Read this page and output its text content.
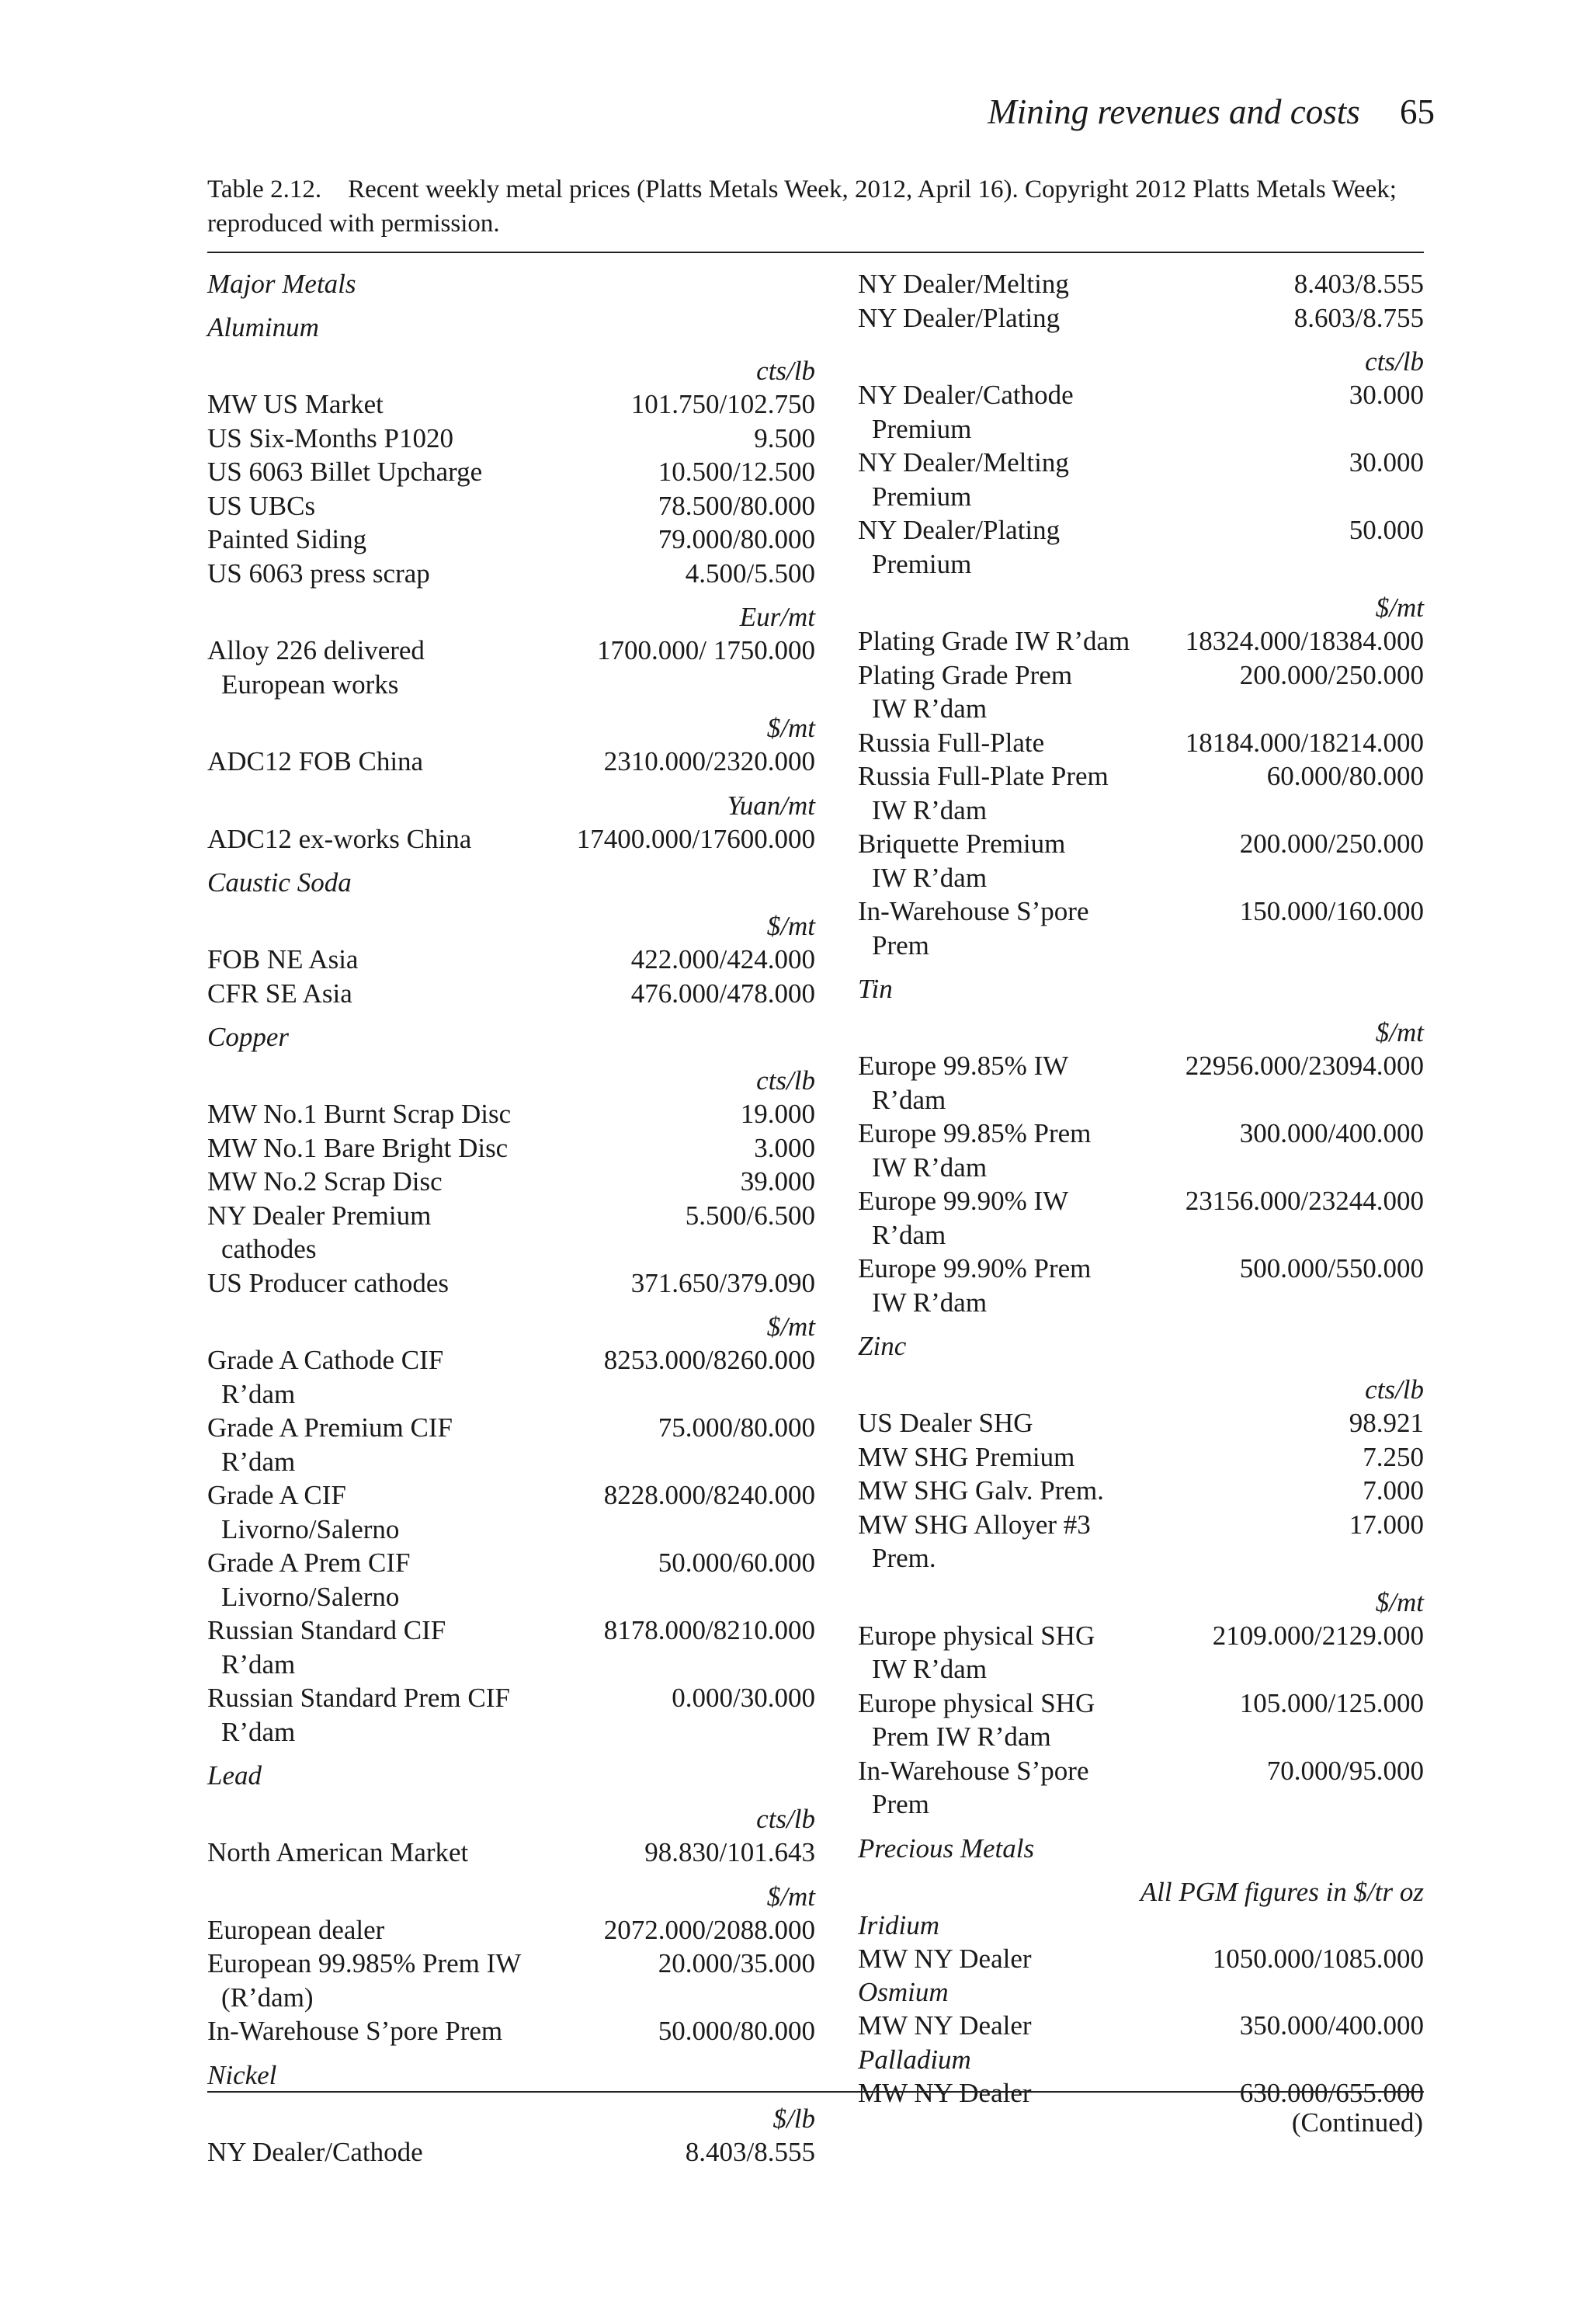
Mining revenues and costs 65
Table 2.12. Recent weekly metal prices (Platts Metals Week, 2012, April 16). Copyright 2012 Platts Metals Week; reproduced with permission.
Major Metals
Aluminum
cts/lb
MW US Market	101.750/102.750
US Six-Months P1020	9.500
US 6063 Billet Upcharge	10.500/12.500
US UBCs	78.500/80.000
Painted Siding	79.000/80.000
US 6063 press scrap	4.500/5.500
Eur/mt
Alloy 226 delivered
European works
1700.000/ 1750.000
$/mt
ADC12 FOB China	2310.000/2320.000
Yuan/mt
ADC12 ex-works China	17400.000/17600.000
Caustic Soda
$/mt
FOB NE Asia	422.000/424.000
CFR SE Asia	476.000/478.000
Copper
cts/lb
MW No.1 Burnt Scrap Disc	19.000
MW No.1 Bare Bright Disc	3.000
MW No.2 Scrap Disc	39.000
NY Dealer Premium
cathodes
5.500/6.500
US Producer cathodes	371.650/379.090
$/mt
Grade A Cathode CIF
R’dam
8253.000/8260.000
Grade A Premium CIF
R’dam
75.000/80.000
Grade A CIF
Livorno/Salerno
8228.000/8240.000
Grade A Prem CIF
Livorno/Salerno
50.000/60.000
Russian Standard CIF
R’dam
8178.000/8210.000
Russian Standard Prem CIF
R’dam
0.000/30.000
Lead
cts/lb
North American Market	98.830/101.643
$/mt
European dealer	2072.000/2088.000
European 99.985% Prem IW
(R’dam)
20.000/35.000
In-Warehouse S’pore Prem	50.000/80.000
Nickel
$/lb
NY Dealer/Cathode	8.403/8.555
NY Dealer/Melting	8.403/8.555
NY Dealer/Plating	8.603/8.755
cts/lb
NY Dealer/Cathode
Premium
30.000
NY Dealer/Melting
Premium
30.000
NY Dealer/Plating
Premium
50.000
$/mt
Plating Grade IW R’dam	18324.000/18384.000
Plating Grade Prem
IW R’dam
200.000/250.000
Russia Full-Plate	18184.000/18214.000
Russia Full-Plate Prem
IW R’dam
60.000/80.000
Briquette Premium
IW R’dam
200.000/250.000
In-Warehouse S’pore
Prem
150.000/160.000
Tin
$/mt
Europe 99.85% IW
R’dam
22956.000/23094.000
Europe 99.85% Prem
IW R’dam
300.000/400.000
Europe 99.90% IW
R’dam
23156.000/23244.000
Europe 99.90% Prem
IW R’dam
500.000/550.000
Zinc
cts/lb
US Dealer SHG	98.921
MW SHG Premium	7.250
MW SHG Galv. Prem.	7.000
MW SHG Alloyer #3
Prem.
17.000
$/mt
Europe physical SHG
IW R’dam
2109.000/2129.000
Europe physical SHG
Prem IW R’dam
105.000/125.000
In-Warehouse S’pore
Prem
70.000/95.000
Precious Metals
All PGM figures in $/tr oz
Iridium
MW NY Dealer	1050.000/1085.000
Osmium
MW NY Dealer	350.000/400.000
Palladium
MW NY Dealer	630.000/655.000
(Continued)
